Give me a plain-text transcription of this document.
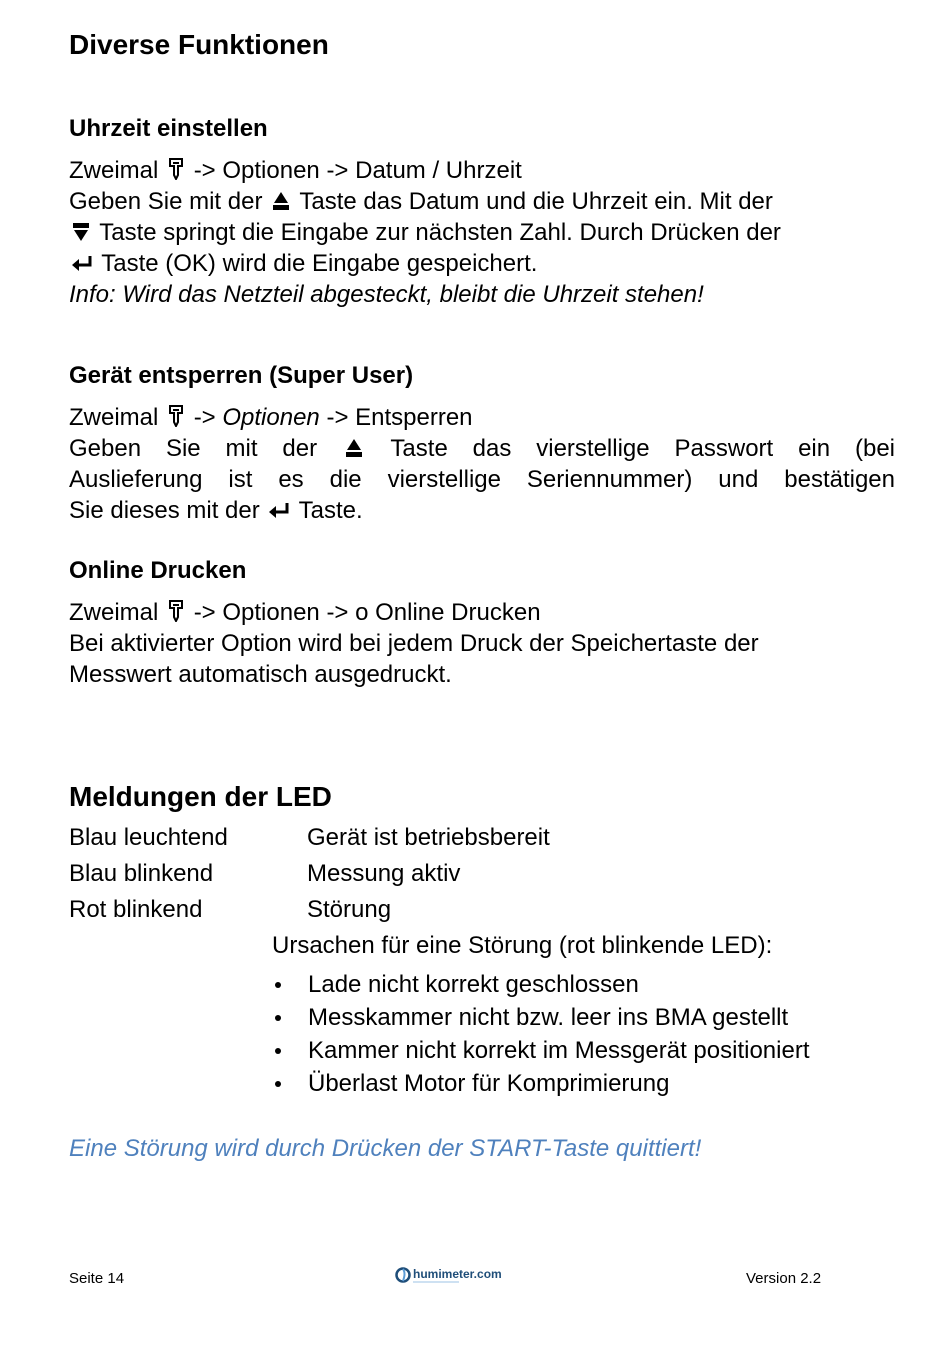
Diverse Funktionen
Uhrzeit einstellen
Zweimal -> Optionen -> Datum / Uhrzeit
Geben Sie mit der Taste das Datum und die Uhrzeit ein. Mit der
Taste springt die Eingabe zur nächsten Zahl. Durch Drücken der
Taste (OK) wird die Eingabe gespeichert.
Info: Wird das Netzteil abgesteckt, bleibt die Uhrzeit stehen!
Gerät entsperren (Super User)
Zweimal -> Optionen -> Entsperren
Geben Sie mit der	Taste das vierstellige Passwort ein (bei
Auslieferung ist es die vierstellige Seriennummer) und bestätigen
Sie dieses mit der Taste.
Online Drucken
Zweimal -> Optionen -> o Online Drucken
Bei aktivierter Option wird bei jedem Druck der Speichertaste der
Messwert automatisch ausgedruckt.
Meldungen der LED
Blau leuchtend	Gerät ist betriebsbereit
Blau blinkend	Messung aktiv
Rot blinkend	Störung
Ursachen für eine Störung (rot blinkende LED):
Lade nicht korrekt geschlossen
Messkammer nicht bzw. leer ins BMA gestellt
Kammer nicht korrekt im Messgerät positioniert
Überlast Motor für Komprimierung
Eine Störung wird durch Drücken der START-Taste quittiert!
Seite 14	humimeter.com	Version 2.2
